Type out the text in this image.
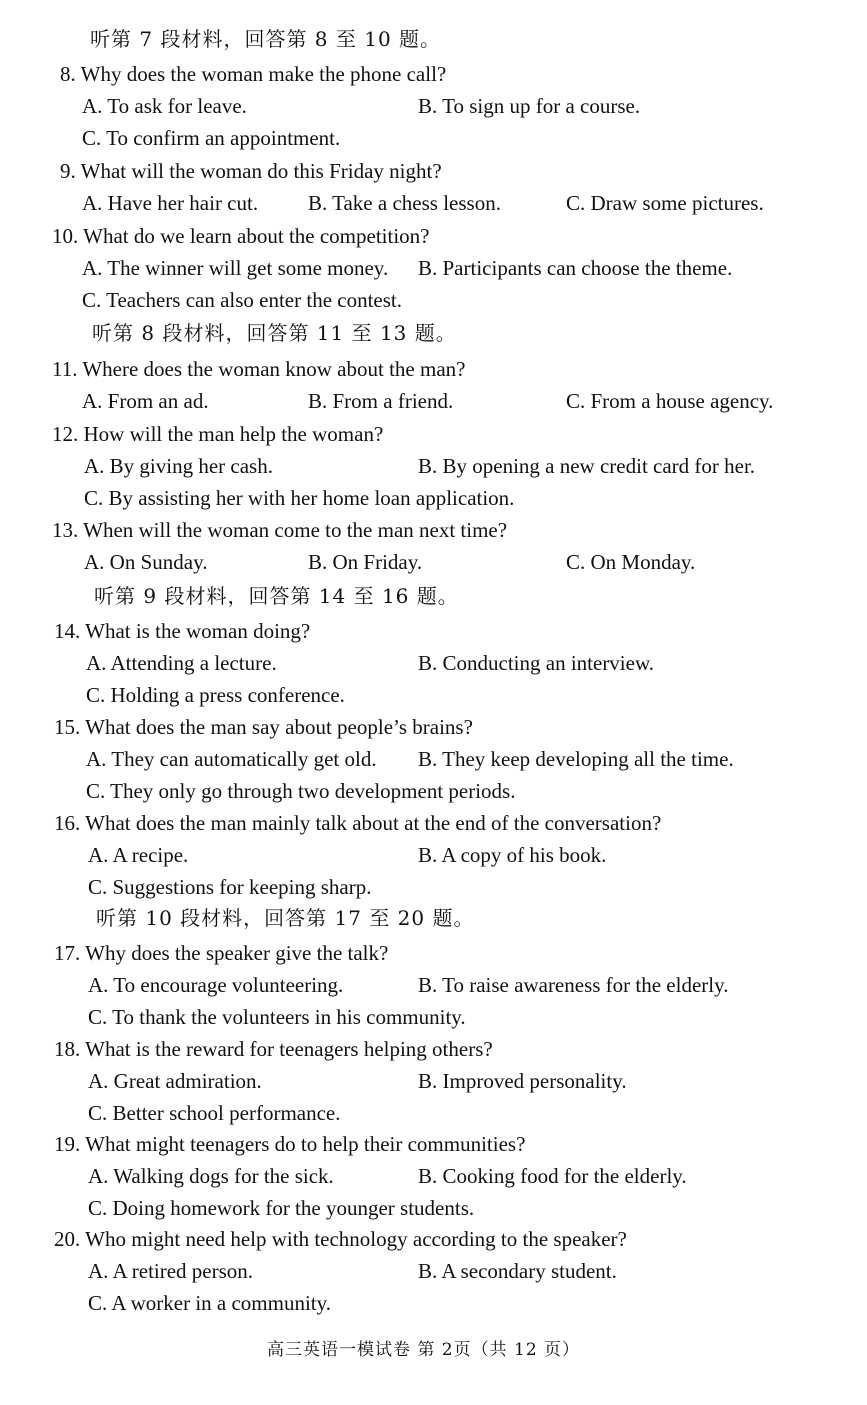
听第 7 段材料，回答第 8 至 10 题。
8. Why does the woman make the phone call?
A. To ask for leave.	B. To sign up for a course.
C. To confirm an appointment.
9. What will the woman do this Friday night?
A. Have her hair cut. B. Take a chess lesson.	C. Draw some pictures.
10. What do we learn about the competition?
A. The winner will get some money. B. Participants can choose the theme.
C. Teachers can also enter the contest.
听第 8 段材料，回答第 11 至 13 题。
11. Where does the woman know about the man?
A. From an ad.	B. From a friend.	C. From a house agency.
12. How will the man help the woman?
A. By giving her cash.	B. By opening a new credit card for her.
C. By assisting her with her home loan application.
13. When will the woman come to the man next time?
A. On Sunday.	B. On Friday.	C. On Monday.
听第 9 段材料，回答第 14 至 16 题。
14. What is the woman doing?
A. Attending a lecture.	B. Conducting an interview.
C. Holding a press conference.
15. What does the man say about people’s brains?
A. They can automatically get old. B. They keep developing all the time.
C. They only go through two development periods.
16. What does the man mainly talk about at the end of the conversation?
A. A recipe.	B. A copy of his book.
C. Suggestions for keeping sharp.
听第 10 段材料，回答第 17 至 20 题。
17. Why does the speaker give the talk?
A. To encourage volunteering.	B. To raise awareness for the elderly.
C. To thank the volunteers in his community.
18. What is the reward for teenagers helping others?
A. Great admiration.	B. Improved personality.
C. Better school performance.
19. What might teenagers do to help their communities?
A. Walking dogs for the sick.	B. Cooking food for the elderly.
C. Doing homework for the younger students.
20. Who might need help with technology according to the speaker?
A. A retired person.	B. A secondary student.
C. A worker in a community.
高三英语一模试卷 第 2页（共 12 页）
